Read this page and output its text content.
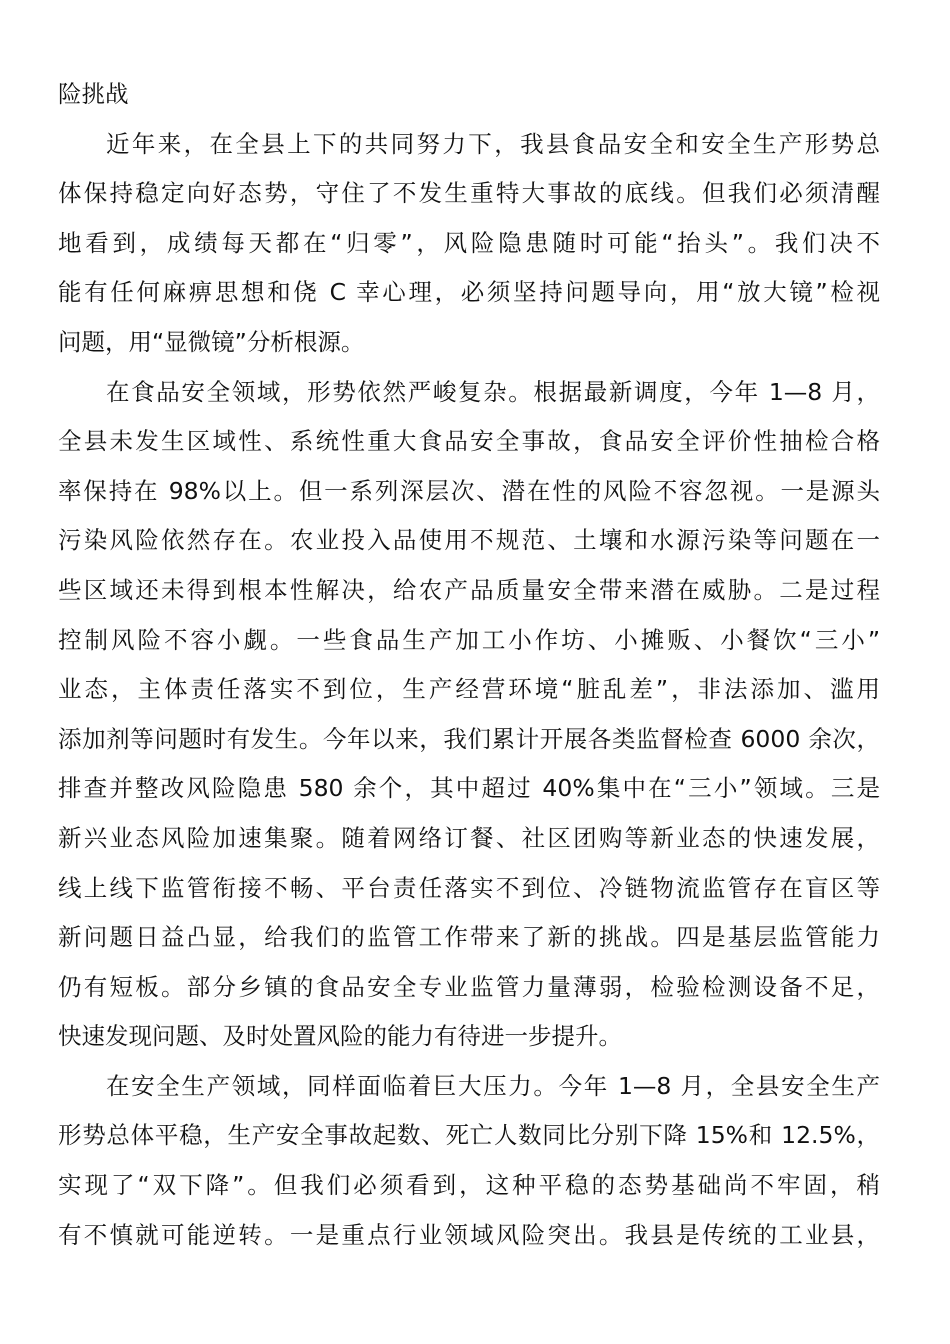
险挑战
近年来，在全县上下的共同努力下，我县食品安全和安全生产形势总
体保持稳定向好态势，守住了不发生重特大事故的底线。但我们必须清醒
地看到，成绩每天都在“归零”，风险隐患随时可能“抬头”。我们决不
能有任何麻痹思想和侥 C 幸心理，必须坚持问题导向，用“放大镜”检视
问题，用“显微镜”分析根源。
在食品安全领域，形势依然严峻复杂。根据最新调度，今年 1—8 月，
全县未发生区域性、系统性重大食品安全事故，食品安全评价性抽检合格
率保持在 98%以上。但一系列深层次、潜在性的风险不容忽视。一是源头
污染风险依然存在。农业投入品使用不规范、土壤和水源污染等问题在一
些区域还未得到根本性解决，给农产品质量安全带来潜在威胁。二是过程
控制风险不容小觑。一些食品生产加工小作坊、小摊贩、小餐饮“三小”
业态，主体责任落实不到位，生产经营环境“脏乱差”，非法添加、滥用
添加剂等问题时有发生。今年以来，我们累计开展各类监督检查 6000 余次，
排查并整改风险隐患 580 余个，其中超过 40%集中在“三小”领域。三是
新兴业态风险加速集聚。随着网络订餐、社区团购等新业态的快速发展，
线上线下监管衔接不畅、平台责任落实不到位、冷链物流监管存在盲区等
新问题日益凸显，给我们的监管工作带来了新的挑战。四是基层监管能力
仍有短板。部分乡镇的食品安全专业监管力量薄弱，检验检测设备不足，
快速发现问题、及时处置风险的能力有待进一步提升。
在安全生产领域，同样面临着巨大压力。今年 1—8 月，全县安全生产
形势总体平稳，生产安全事故起数、死亡人数同比分别下降 15%和 12.5%，
实现了“双下降”。但我们必须看到，这种平稳的态势基础尚不牢固，稍
有不慎就可能逆转。一是重点行业领域风险突出。我县是传统的工业县，
